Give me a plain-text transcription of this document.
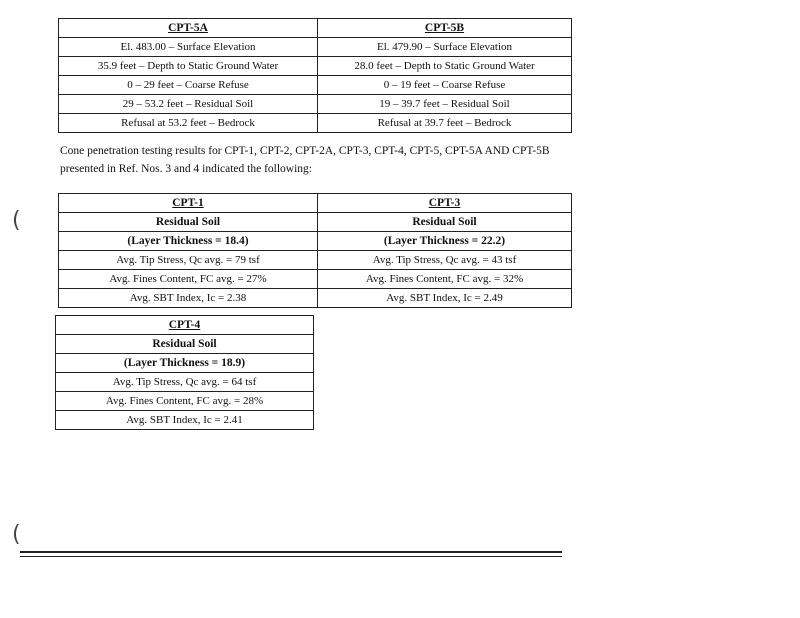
CPT-5A	CPT-5B
El. 483.00 – Surface Elevation	El. 479.90 – Surface Elevation
35.9 feet – Depth to Static Ground Water	28.0 feet – Depth to Static Ground Water
0 – 29 feet – Coarse Refuse	0 – 19 feet – Coarse Refuse
29 – 53.2 feet – Residual Soil	19 – 39.7 feet – Residual Soil
Refusal at 53.2 feet – Bedrock	Refusal at 39.7 feet – Bedrock
Cone penetration testing results for CPT-1, CPT-2, CPT-2A, CPT-3, CPT-4, CPT-5, CPT-5A AND CPT-5B presented in Ref. Nos. 3 and 4 indicated the following:
CPT-1	CPT-3
Residual Soil	Residual Soil
(Layer Thickness = 18.4)	(Layer Thickness = 22.2)
Avg. Tip Stress, Qc avg. = 79 tsf	Avg. Tip Stress, Qc avg. = 43 tsf
Avg. Fines Content, FC avg. = 27%	Avg. Fines Content, FC avg. = 32%
Avg. SBT Index, Ic = 2.38	Avg. SBT Index, Ic = 2.49
CPT-4
Residual Soil
(Layer Thickness = 18.9)
Avg. Tip Stress, Qc avg. = 64 tsf
Avg. Fines Content, FC avg. = 28%
Avg. SBT Index, Ic = 2.41
(
(
